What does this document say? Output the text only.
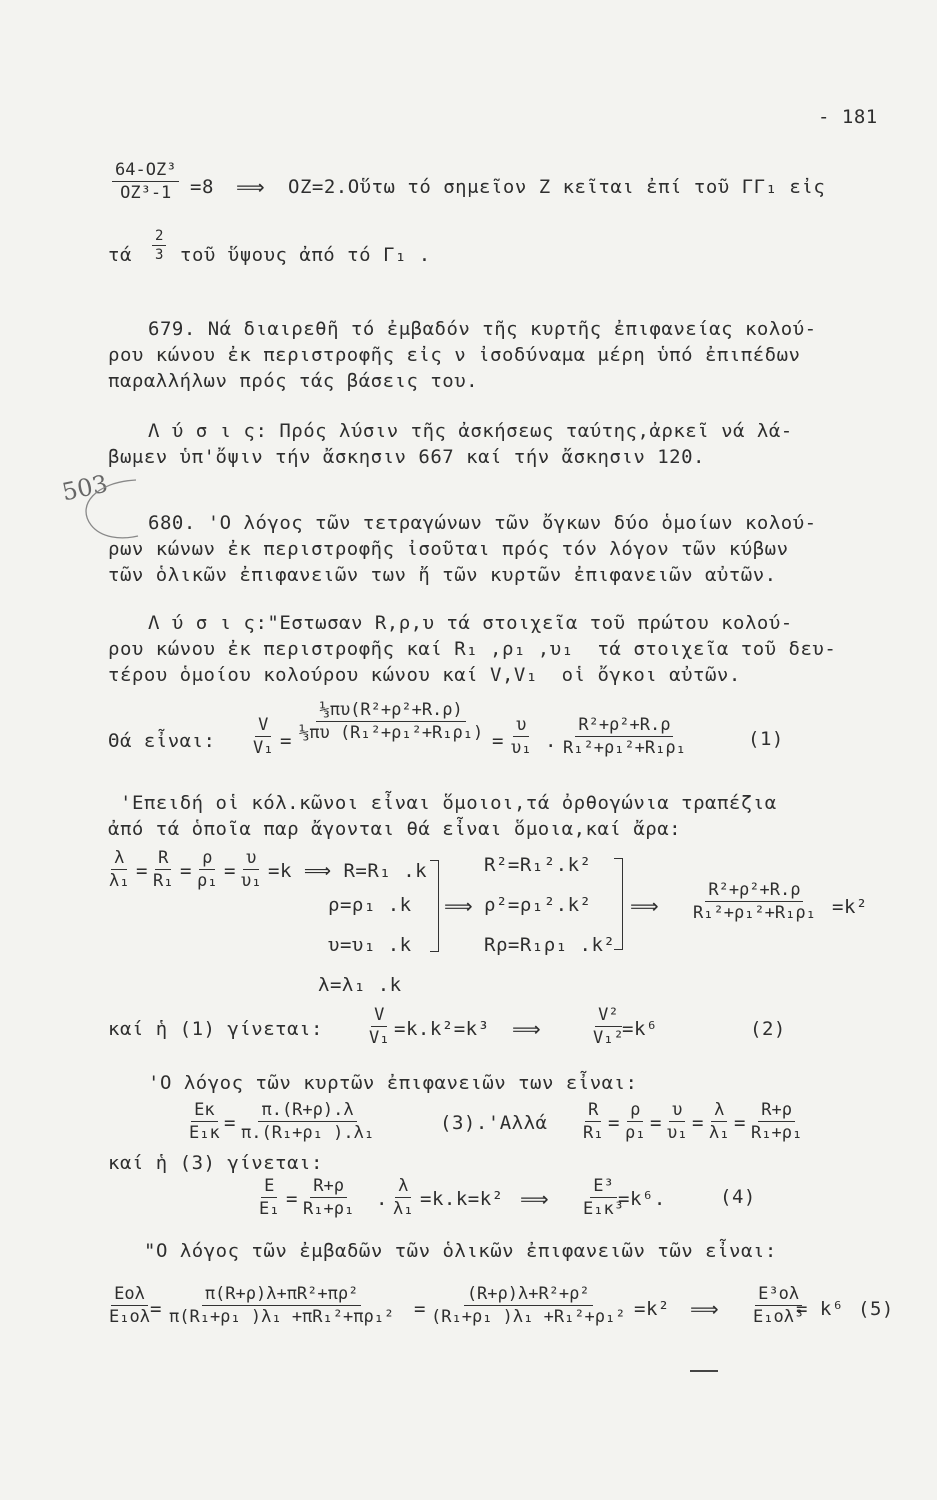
- 181
$\frac{\text{64-OZ³}}{\text{OZ³-1}} =8$ ⟹ OZ=2.Οὕτω τό σημεῖον Ζ κεῖται ἐπί τοῦ ΓΓ₁ εἰς
τά $\frac{2}{3}$ τοῦ ὕψους ἀπό τό Γ₁ .
679. Νά διαιρεθῆ τό ἐμβαδόν τῆς κυρτῆς ἐπιφανείας κολού-
ρου κώνου ἐκ περιστροφῆς εἰς ν ἰσοδύναμα μέρη ὑπό ἐπιπέδων
παραλλήλων πρός τάς βάσεις του.
Λ ύ σ ι ς: Πρός λύσιν τῆς ἀσκήσεως ταύτης,ἀρκεῖ νά λά-
βωμεν ὑπ'ὄψιν τήν ἄσκησιν 667 καί τήν ἄσκησιν 120.
503
680. 'Ο λόγος τῶν τετραγώνων τῶν ὄγκων δύο ὁμοίων κολού-
ρων κώνων ἐκ περιστροφῆς ἰσοῦται πρός τόν λόγον τῶν κύβων
τῶν ὁλικῶν ἐπιφανειῶν των ἤ τῶν κυρτῶν ἐπιφανειῶν αὐτῶν.
Λ ύ σ ι ς:"Εστωσαν R,ρ,υ τά στοιχεῖα τοῦ πρώτου κολού-
ρου κώνου ἐκ περιστροφῆς καί R₁ ,ρ₁ ,υ₁  τά στοιχεῖα τοῦ δευ-
τέρου ὁμοίου κολούρου κώνου καί V,V₁  οἱ ὄγκοι αὐτῶν.
Θά εἶναι: $\frac{V}{\text{V₁}} = \frac{\text{⅓πυ(R²+ρ²+R.ρ)}}{\text{⅓πυ (R₁²+ρ₁²+R₁ρ₁)}} = \frac{\upsilon}{\text{υ₁}}$ . $\frac{\text{R²+ρ²+R.ρ}}{\text{R₁²+ρ₁²+R₁ρ₁}}$	(1)
'Επειδή οἱ κόλ.κῶνοι εἶναι ὅμοιοι,τά ὀρθογώνια τραπέζια
ἀπό τά ὁποῖα παρ ἄγονται θά εἶναι ὅμοια,καί ἄρα:
$\frac{\lambda}{\text{λ₁}} = \frac{R}{\text{R₁}} = \frac{\rho}{\text{ρ₁}} = \frac{\upsilon}{\text{υ₁}} =k$ ⟹ R=R₁ .k
ρ=ρ₁ .k
υ=υ₁ .k
λ=λ₁ .k
⟹
R²=R₁².k²
ρ²=ρ₁².k²
Rρ=R₁ρ₁ .k²
⟹ $\frac{\text{R²+ρ²+R.ρ}}{\text{R₁²+ρ₁²+R₁ρ₁}} =k^2$
καί ἡ (1) γίνεται:	$\frac{V}{\text{V₁}} =k.k^2=k^3$ ⟹	$\frac{\text{V²}}{\text{V₁²}}$
=k⁶	(2)
'Ο λόγος τῶν κυρτῶν ἐπιφανειῶν των εἶναι:
$\frac{E\kappa}{\text{E₁κ}} = \frac{\pi.(R+\rho).\lambda}{\text{π.(R₁+ρ₁ ).λ₁}}$	$(3).'A\lambda\lambda ά \frac{R}{\text{R₁}} = \frac{\rho}{\text{ρ₁}} = \frac{\upsilon}{\text{υ₁}} = \frac{\lambda}{\text{λ₁}} = \frac{R+\rho}{\text{R₁+ρ₁}}$
καί ἡ (3) γίνεται:
$\frac{E}{\text{E₁}} = \frac{R+\rho}{\text{R₁+ρ₁}}$ . $\frac{\lambda}{\text{λ₁}} =k.k=k^2$ ⟹ $\frac{\text{E³}}{\text{E₁κ³}}$
=k⁶.	(4)
"Ο λόγος τῶν ἐμβαδῶν τῶν ὁλικῶν ἐπιφανειῶν τῶν εἶναι:
Eολ
$E_1o\lambda = \frac{\text{π(R+ρ)λ+πR²+πρ²}}{\text{π(R₁+ρ₁ )λ₁ +πR₁²+πρ₁²}} = \frac{\text{(R+ρ)λ+R²+ρ²}}{\text{(R₁+ρ₁ )λ₁ +R₁²+ρ₁²}} =k^2$ ⟹ $\frac{\text{E³ολ}}{\text{E₁ολ³}}$
= k⁶ (5)
